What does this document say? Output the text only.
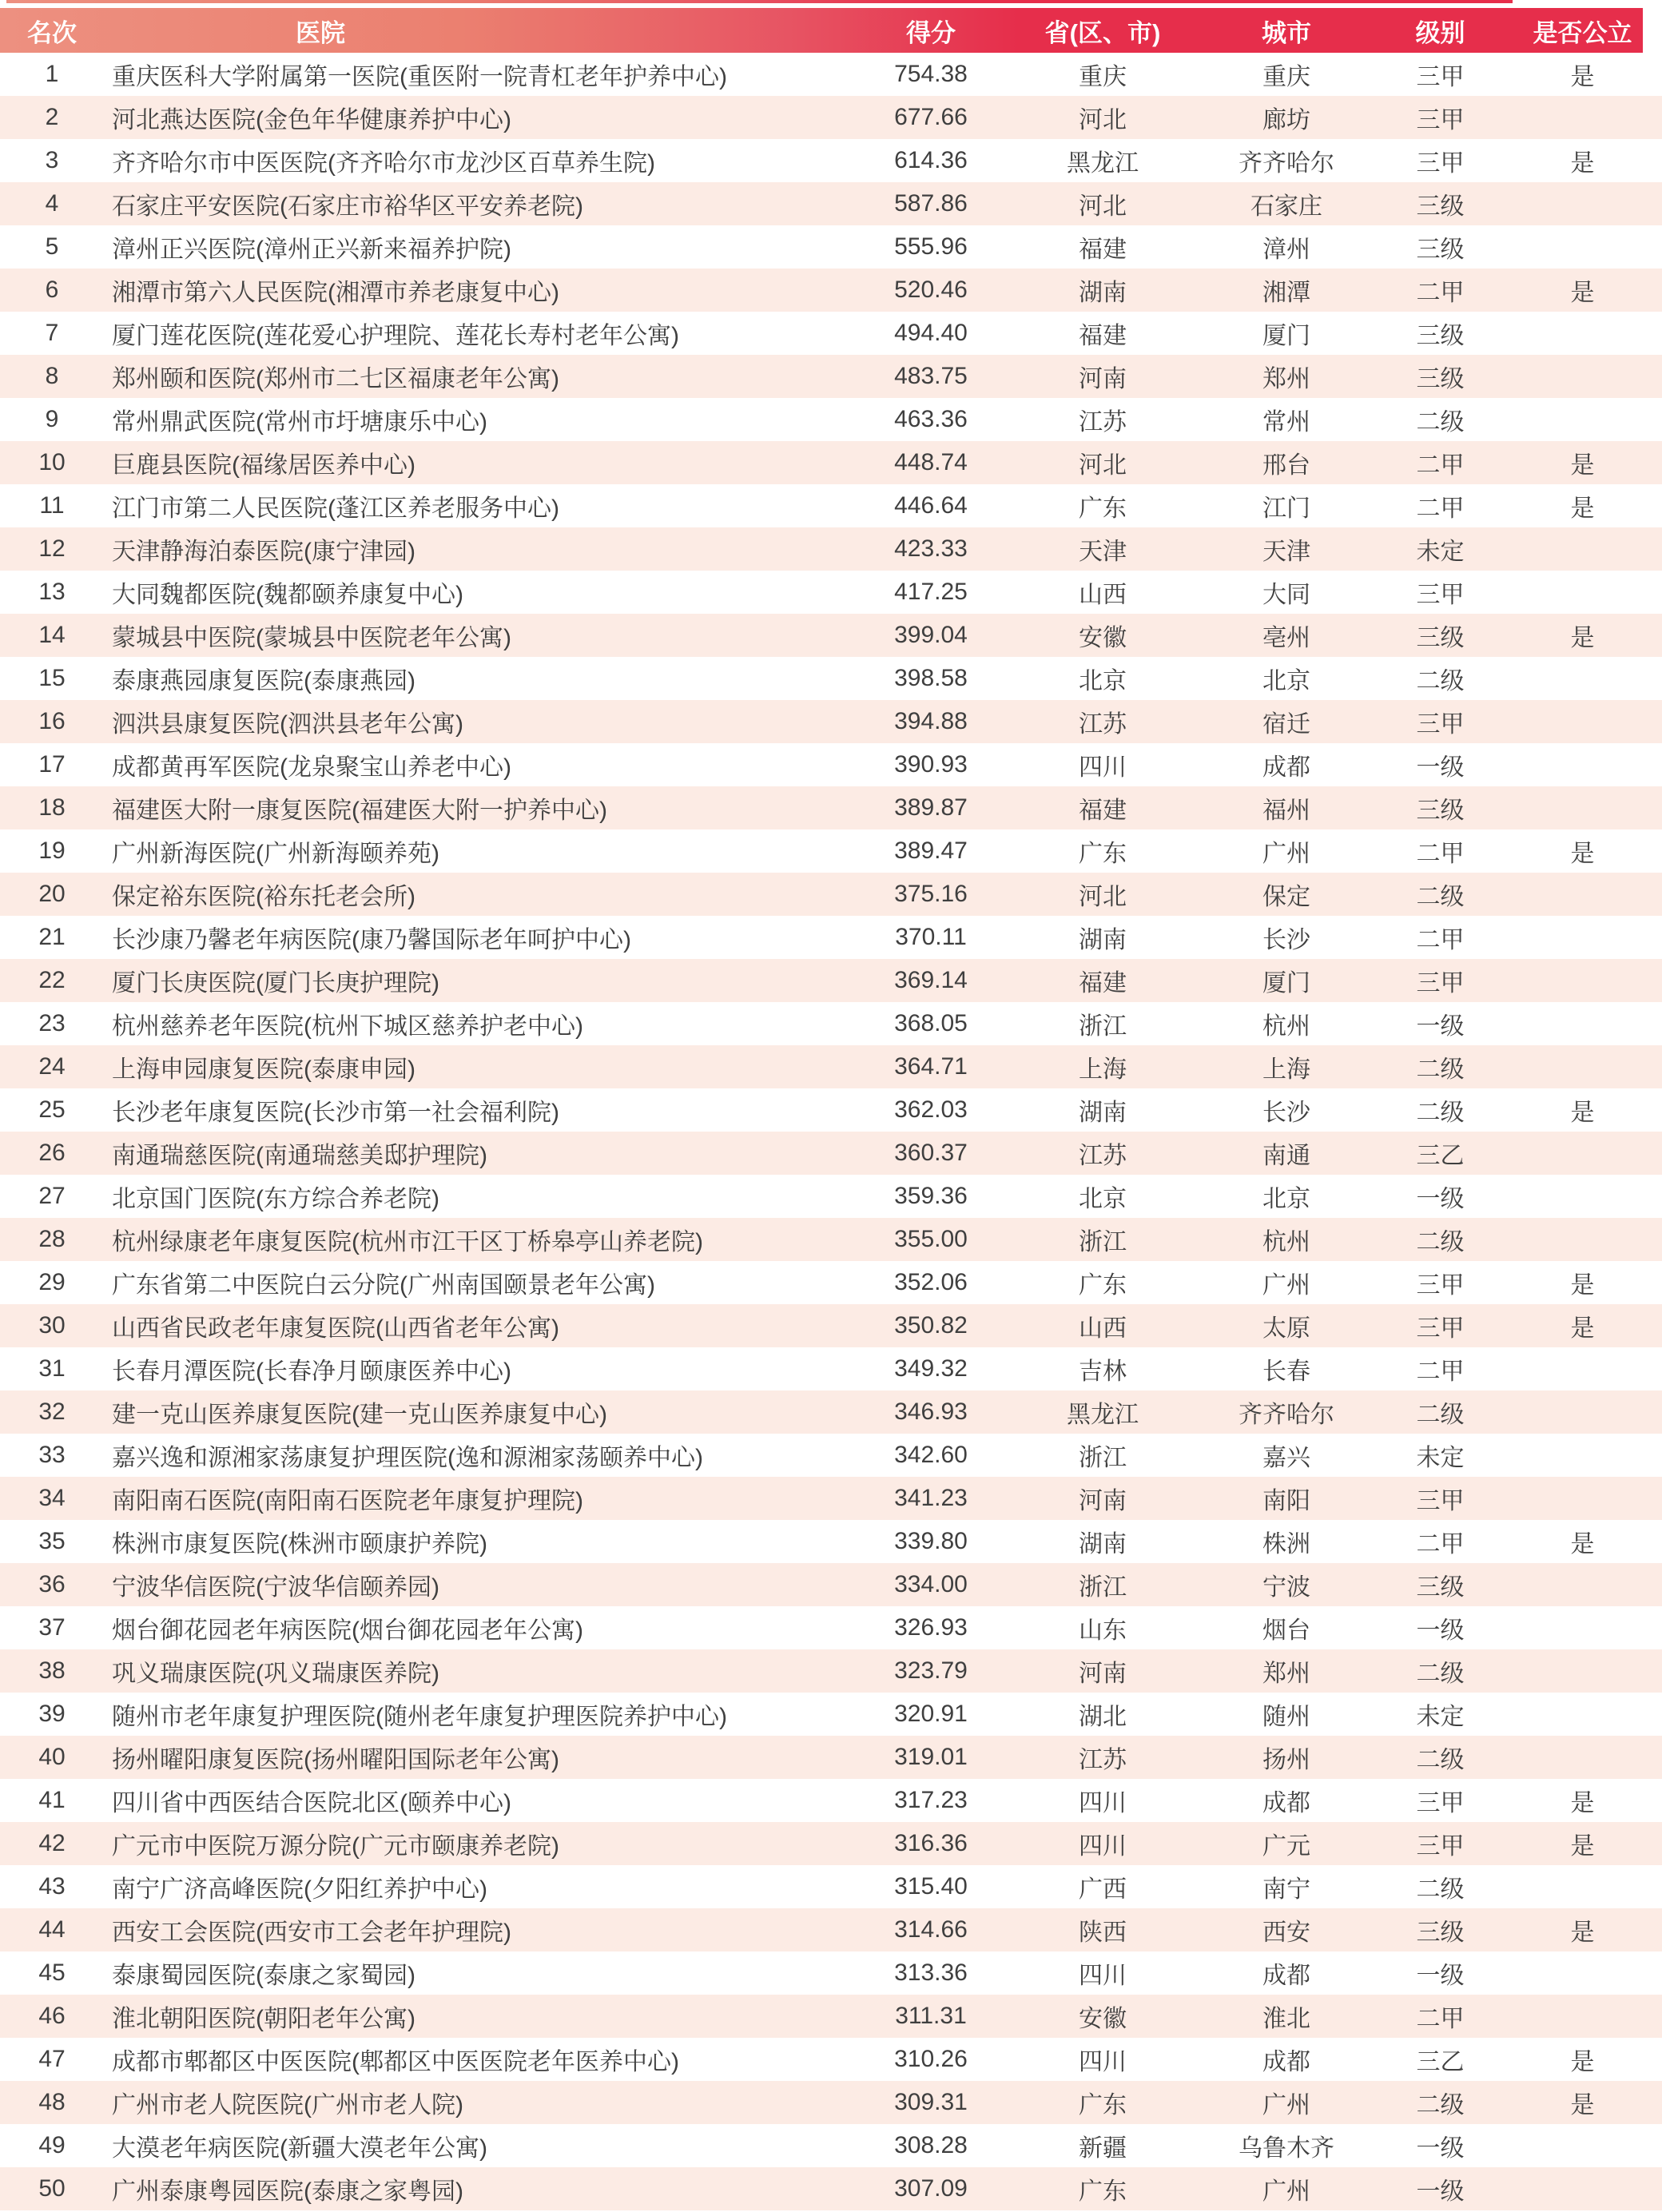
名次	医院	得分	省(区、市)	城市	级别	是否公立
1	重庆医科大学附属第一医院(重医附一院青杠老年护养中心)	754.38	重庆	重庆	三甲	是
2	河北燕达医院(金色年华健康养护中心)	677.66	河北	廊坊	三甲
3	齐齐哈尔市中医医院(齐齐哈尔市龙沙区百草养生院)	614.36	黑龙江	齐齐哈尔	三甲	是
4	石家庄平安医院(石家庄市裕华区平安养老院)	587.86	河北	石家庄	三级
5	漳州正兴医院(漳州正兴新来福养护院)	555.96	福建	漳州	三级
6	湘潭市第六人民医院(湘潭市养老康复中心)	520.46	湖南	湘潭	二甲	是
7	厦门莲花医院(莲花爱心护理院、莲花长寿村老年公寓)	494.40	福建	厦门	三级
8	郑州颐和医院(郑州市二七区福康老年公寓)	483.75	河南	郑州	三级
9	常州鼎武医院(常州市圩塘康乐中心)	463.36	江苏	常州	二级
10	巨鹿县医院(福缘居医养中心)	448.74	河北	邢台	二甲	是
11	江门市第二人民医院(蓬江区养老服务中心)	446.64	广东	江门	二甲	是
12	天津静海泊泰医院(康宁津园)	423.33	天津	天津	未定
13	大同魏都医院(魏都颐养康复中心)	417.25	山西	大同	三甲
14	蒙城县中医院(蒙城县中医院老年公寓)	399.04	安徽	亳州	三级	是
15	泰康燕园康复医院(泰康燕园)	398.58	北京	北京	二级
16	泗洪县康复医院(泗洪县老年公寓)	394.88	江苏	宿迁	三甲
17	成都黄再军医院(龙泉聚宝山养老中心)	390.93	四川	成都	一级
18	福建医大附一康复医院(福建医大附一护养中心)	389.87	福建	福州	三级
19	广州新海医院(广州新海颐养苑)	389.47	广东	广州	二甲	是
20	保定裕东医院(裕东托老会所)	375.16	河北	保定	二级
21	长沙康乃馨老年病医院(康乃馨国际老年呵护中心)	370.11	湖南	长沙	二甲
22	厦门长庚医院(厦门长庚护理院)	369.14	福建	厦门	三甲
23	杭州慈养老年医院(杭州下城区慈养护老中心)	368.05	浙江	杭州	一级
24	上海申园康复医院(泰康申园)	364.71	上海	上海	二级
25	长沙老年康复医院(长沙市第一社会福利院)	362.03	湖南	长沙	二级	是
26	南通瑞慈医院(南通瑞慈美邸护理院)	360.37	江苏	南通	三乙
27	北京国门医院(东方综合养老院)	359.36	北京	北京	一级
28	杭州绿康老年康复医院(杭州市江干区丁桥皋亭山养老院)	355.00	浙江	杭州	二级
29	广东省第二中医院白云分院(广州南国颐景老年公寓)	352.06	广东	广州	三甲	是
30	山西省民政老年康复医院(山西省老年公寓)	350.82	山西	太原	三甲	是
31	长春月潭医院(长春净月颐康医养中心)	349.32	吉林	长春	二甲
32	建一克山医养康复医院(建一克山医养康复中心)	346.93	黑龙江	齐齐哈尔	二级
33	嘉兴逸和源湘家荡康复护理医院(逸和源湘家荡颐养中心)	342.60	浙江	嘉兴	未定
34	南阳南石医院(南阳南石医院老年康复护理院)	341.23	河南	南阳	三甲
35	株洲市康复医院(株洲市颐康护养院)	339.80	湖南	株洲	二甲	是
36	宁波华信医院(宁波华信颐养园)	334.00	浙江	宁波	三级
37	烟台御花园老年病医院(烟台御花园老年公寓)	326.93	山东	烟台	一级
38	巩义瑞康医院(巩义瑞康医养院)	323.79	河南	郑州	二级
39	随州市老年康复护理医院(随州老年康复护理医院养护中心)	320.91	湖北	随州	未定
40	扬州曜阳康复医院(扬州曜阳国际老年公寓)	319.01	江苏	扬州	二级
41	四川省中西医结合医院北区(颐养中心)	317.23	四川	成都	三甲	是
42	广元市中医院万源分院(广元市颐康养老院)	316.36	四川	广元	三甲	是
43	南宁广济高峰医院(夕阳红养护中心)	315.40	广西	南宁	二级
44	西安工会医院(西安市工会老年护理院)	314.66	陕西	西安	三级	是
45	泰康蜀园医院(泰康之家蜀园)	313.36	四川	成都	一级
46	淮北朝阳医院(朝阳老年公寓)	311.31	安徽	淮北	二甲
47	成都市郫都区中医医院(郫都区中医医院老年医养中心)	310.26	四川	成都	三乙	是
48	广州市老人院医院(广州市老人院)	309.31	广东	广州	二级	是
49	大漠老年病医院(新疆大漠老年公寓)	308.28	新疆	乌鲁木齐	一级
50	广州泰康粤园医院(泰康之家粤园)	307.09	广东	广州	一级
